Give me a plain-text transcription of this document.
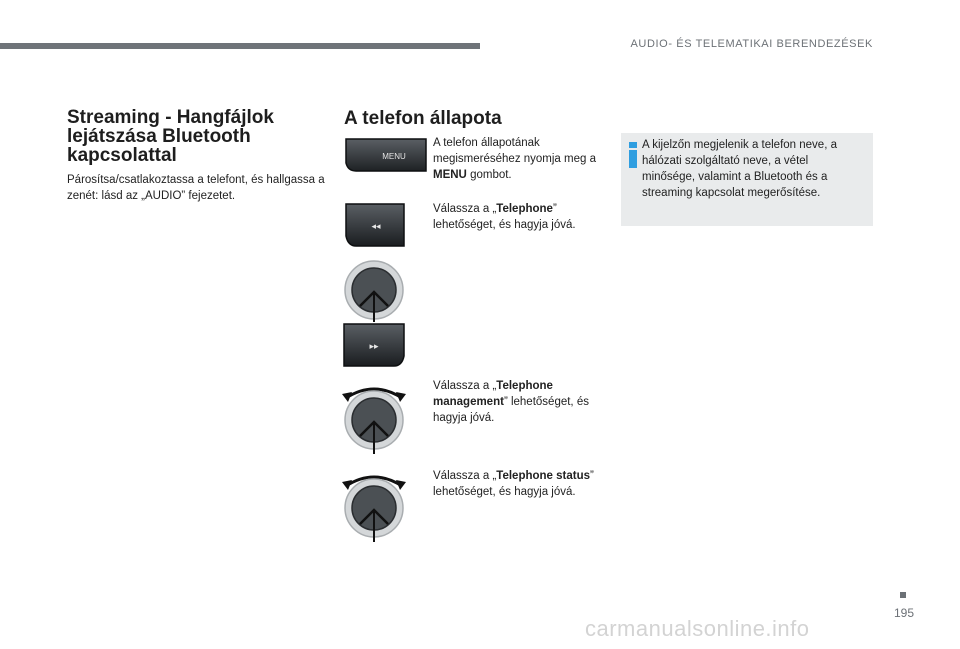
AUDIO- ÉS TELEMATIKAI BERENDEZÉSEK
Streaming - Hangfájlok lejátszása Bluetooth kapcsolattal
Párosítsa/csatlakoztassa a telefont, és hallgassa a zenét: lásd az „AUDIO” fejezetet.
A telefon állapota
MENU
◂◂
▸▸
A telefon állapotának megismeréséhez nyomja meg a MENU gombot.
Válassza a „Telephone” lehetőséget, és hagyja jóvá.
Válassza a „Telephone management” lehetőséget, és hagyja jóvá.
Válassza a „Telephone status” lehetőséget, és hagyja jóvá.
A kijelzőn megjelenik a telefon neve, a hálózati szolgáltató neve, a vétel minősége, valamint a Bluetooth és a streaming kapcsolat megerősítése.
195
carmanualsonline.info
